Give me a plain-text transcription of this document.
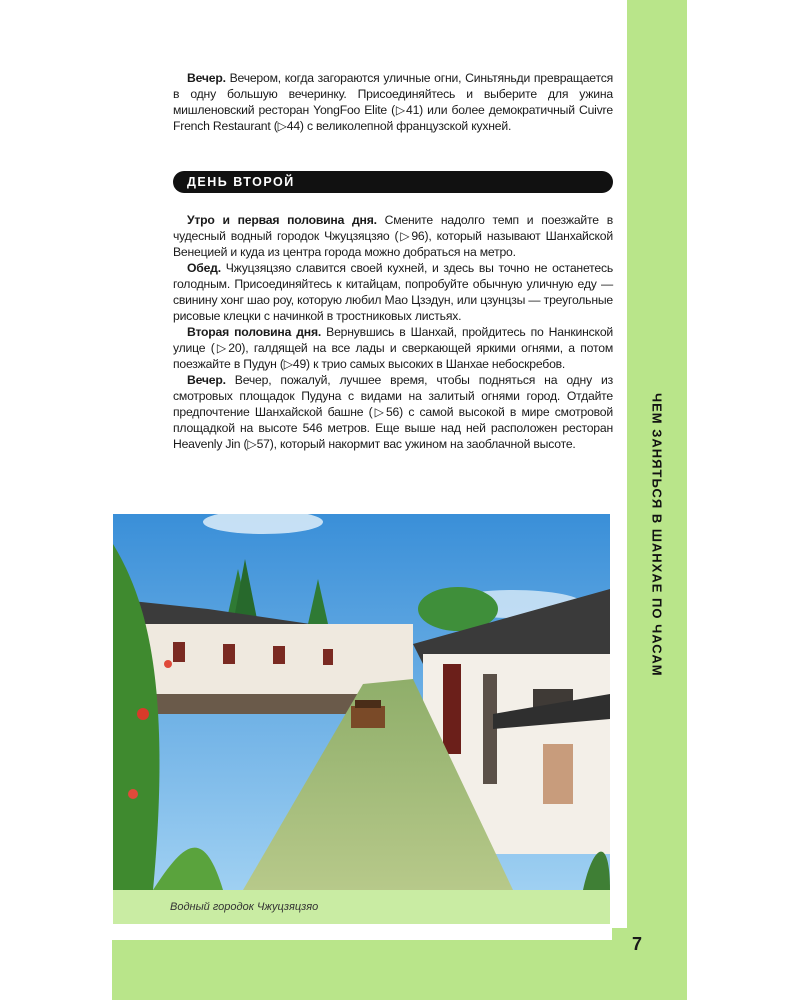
ЧЕМ ЗАНЯТЬСЯ В ШАНХАЕ ПО ЧАСАМ

Вечер. Вечером, когда загораются уличные огни, Синьтяньди превращается в одну большую вечеринку. Присоединяйтесь и выберите для ужина мишленовский ресторан YongFoo Elite (▷41) или более демократичный Cuivre French Restaurant (▷44) с великолепной французской кухней.

ДЕНЬ ВТОРОЙ

Утро и первая половина дня. Смените надолго темп и поезжайте в чудесный водный городок Чжуцзяцзяо (▷96), который называют Шанхайской Венецией и куда из центра города можно добраться на метро.

Обед. Чжуцзяцзяо славится своей кухней, и здесь вы точно не останетесь голодным. Присоединяйтесь к китайцам, попробуйте обычную уличную еду — свинину хонг шао роу, которую любил Мао Цзэдун, или цзунцзы — треугольные рисовые клецки с начинкой в тростниковых листьях.

Вторая половина дня. Вернувшись в Шанхай, пройдитесь по Нанкинской улице (▷20), галдящей на все лады и сверкающей яркими огнями, а потом поезжайте в Пудун (▷49) к трио самых высоких в Шанхае небоскребов.

Вечер. Вечер, пожалуй, лучшее время, чтобы подняться на одну из смотровых площадок Пудуна с видами на залитый огнями город. Отдайте предпочтение Шанхайской башне (▷56) с самой высокой в мире смотровой площадкой на высоте 546 метров. Еще выше над ней расположен ресторан Heavenly Jin (▷57), который накормит вас ужином на заоблачной высоте.

Водный городок Чжуцзяцзяо
7
